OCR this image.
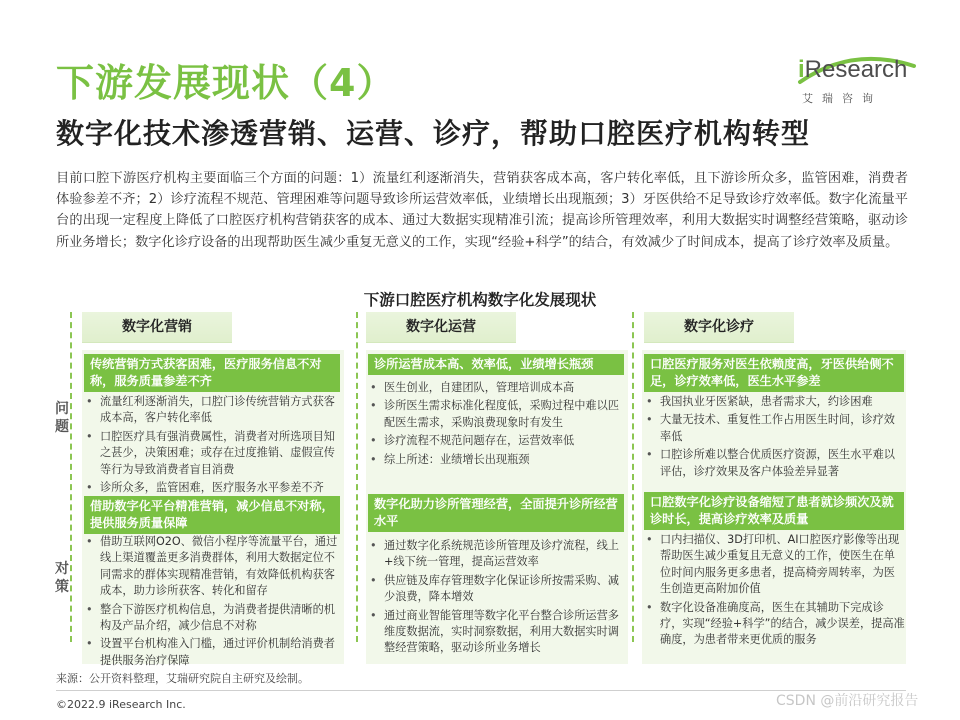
下游发展现状（4）
数字化技术渗透营销、运营、诊疗，帮助口腔医疗机构转型
iResearch
艾瑞咨询
目前口腔下游医疗机构主要面临三个方面的问题：1）流量红利逐渐消失，营销获客成本高，客户转化率低，且下游诊所众多，监管困难，消费者体验参差不齐；2）诊疗流程不规范、管理困难等问题导致诊所运营效率低，业绩增长出现瓶颈；3）牙医供给不足导致诊疗效率低。数字化流量平台的出现一定程度上降低了口腔医疗机构营销获客的成本、通过大数据实现精准引流；提高诊所管理效率，利用大数据实时调整经营策略，驱动诊所业务增长；数字化诊疗设备的出现帮助医生减少重复无意义的工作，实现“经验+科学”的结合，有效减少了时间成本，提高了诊疗效率及质量。
下游口腔医疗机构数字化发展现状
问题
对策
数字化营销
传统营销方式获客困难，医疗服务信息不对称，服务质量参差不齐
• 流量红利逐渐消失，口腔门诊传统营销方式获客成本高，客户转化率低
• 口腔医疗具有强消费属性，消费者对所选项目知之甚少，决策困难；或存在过度推销、虚假宣传等行为导致消费者盲目消费
• 诊所众多，监管困难，医疗服务水平参差不齐
借助数字化平台精准营销，减少信息不对称，提供服务质量保障
• 借助互联网O2O、微信小程序等流量平台，通过线上渠道覆盖更多消费群体，利用大数据定位不同需求的群体实现精准营销，有效降低机构获客成本，助力诊所获客、转化和留存
• 整合下游医疗机构信息，为消费者提供清晰的机构及产品介绍，减少信息不对称
• 设置平台机构准入门槛，通过评价机制给消费者提供服务治疗保障
数字化运营
诊所运营成本高、效率低，业绩增长瓶颈
• 医生创业，自建团队，管理培训成本高
• 诊所医生需求标准化程度低，采购过程中难以匹配医生需求，采购浪费现象时有发生
• 诊疗流程不规范问题存在，运营效率低
• 综上所述：业绩增长出现瓶颈
数字化助力诊所管理经营，全面提升诊所经营水平
• 通过数字化系统规范诊所管理及诊疗流程，线上+线下统一管理，提高运营效率
• 供应链及库存管理数字化保证诊所按需采购、减少浪费，降本增效
• 通过商业智能管理等数字化平台整合诊所运营多维度数据流，实时洞察数据，利用大数据实时调整经营策略，驱动诊所业务增长
数字化诊疗
口腔医疗服务对医生依赖度高，牙医供给侧不足，诊疗效率低，医生水平参差
• 我国执业牙医紧缺，患者需求大，约诊困难
• 大量无技术、重复性工作占用医生时间，诊疗效率低
• 口腔诊所难以整合优质医疗资源，医生水平难以评估，诊疗效果及客户体验差异显著
口腔数字化诊疗设备缩短了患者就诊频次及就诊时长，提高诊疗效率及质量
• 口内扫描仪、3D打印机、AI口腔医疗影像等出现帮助医生减少重复且无意义的工作，使医生在单位时间内服务更多患者，提高椅旁周转率，为医生创造更高附加价值
• 数字化设备准确度高，医生在其辅助下完成诊疗，实现“经验+科学”的结合，减少误差，提高准确度，为患者带来更优质的服务
来源：公开资料整理，艾瑞研究院自主研究及绘制。
©2022.9 iResearch Inc.	CSDN @前沿研究报告
